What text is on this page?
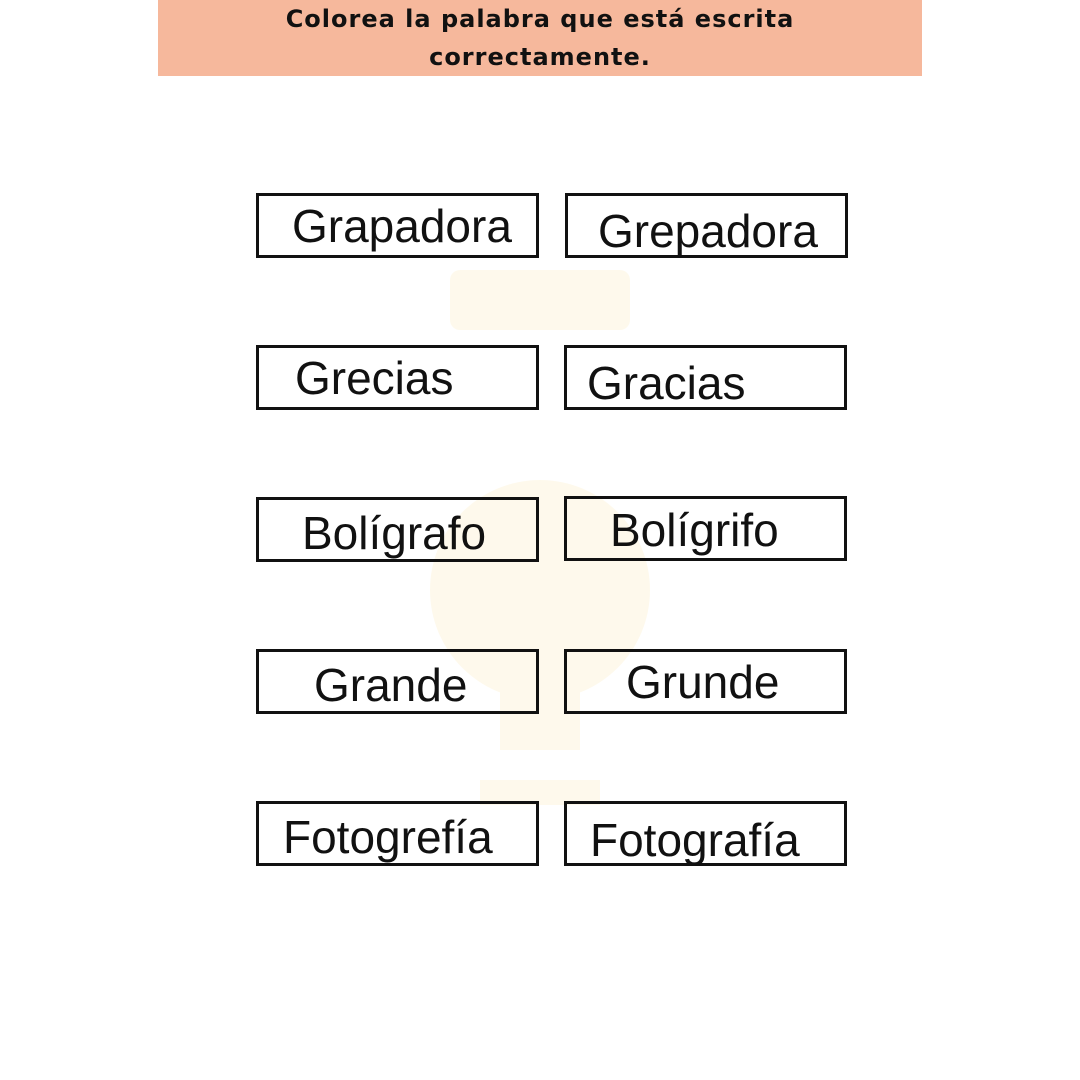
Colorea la palabra que está escrita correctamente.
Grapadora Grepadora
Grecias	Gracias
Bolígrafo	Bolígrifo
Grande	Grunde
Fotogrefía Fotografía
